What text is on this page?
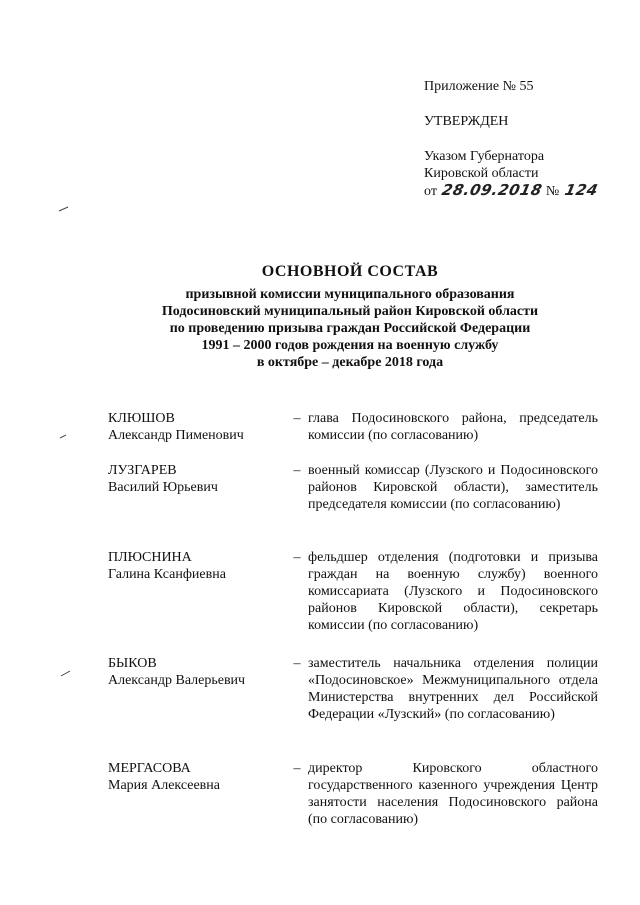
Приложение № 55
УТВЕРЖДЕН
Указом Губернатора
Кировской области
от 28.09.2018 № 124
ОСНОВНОЙ СОСТАВ
призывной комиссии муниципального образования
Подосиновский муниципальный район Кировской области
по проведению призыва граждан Российской Федерации
1991 – 2000 годов рождения на военную службу
в октябре – декабре 2018 года
КЛЮШОВ
Александр Пименович
– глава Подосиновского района, председатель комиссии (по согласованию)
ЛУЗГАРЕВ
Василий Юрьевич
– военный комиссар (Лузского и Подосиновского районов Кировской области), заместитель председателя комиссии (по согласованию)
ПЛЮСНИНА
Галина Ксанфиевна
– фельдшер отделения (подготовки и призыва граждан на военную службу) военного комиссариата (Лузского и Подосиновского районов Кировской области), секретарь комиссии (по согласованию)
БЫКОВ
Александр Валерьевич
– заместитель начальника отделения полиции «Подосиновское» Межмуниципального отдела Министерства внутренних дел Российской Федерации «Лузский» (по согласованию)
МЕРГАСОВА
Мария Алексеевна
– директор Кировского областного государственного казенного учреждения Центр занятости населения Подосиновского района (по согласованию)
